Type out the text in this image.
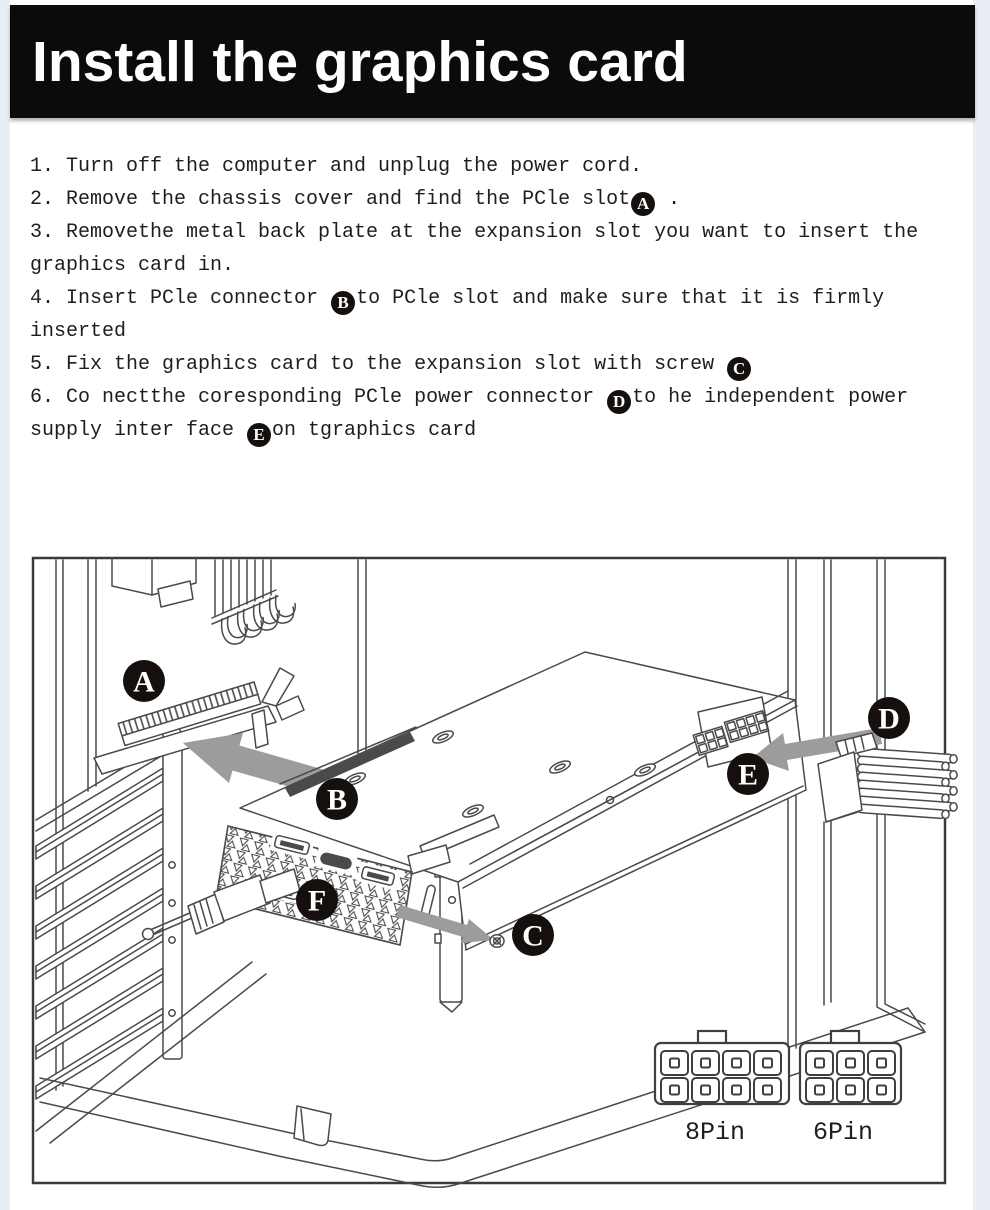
Install the graphics card
1. Turn off the computer and unplug the power cord.
2. Remove the chassis cover and find the PCle slot A .
3. Removethe metal back plate at the expansion slot you want to insert the
graphics card in.
4. Insert PCle connector B to PCle slot and make sure that it is firmly
inserted
5. Fix the graphics card to the expansion slot with screw C
6. Co nectthe coresponding PCle power connector D to he independent power
supply inter face E on tgraphics card
8Pin	6Pin
A
B
C
D
E
F
